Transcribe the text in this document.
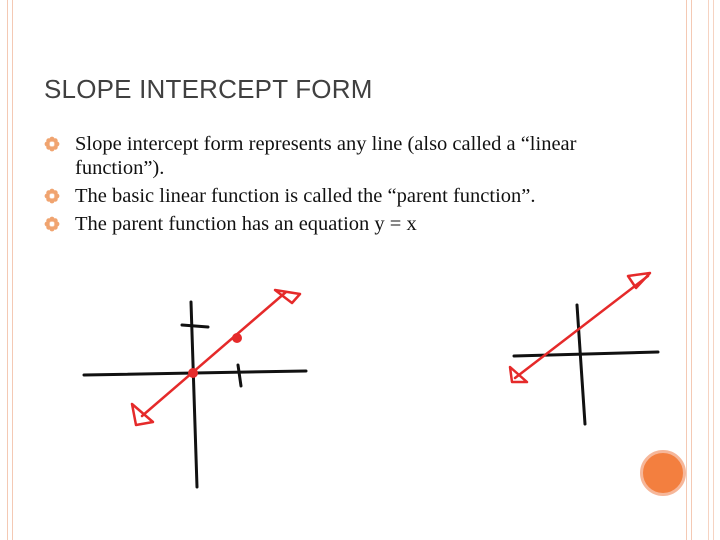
SLOPE INTERCEPT FORM
Slope intercept form represents any line (also called a “linear function”).
The basic linear function is called the “parent function”.
The parent function has an equation y = x
